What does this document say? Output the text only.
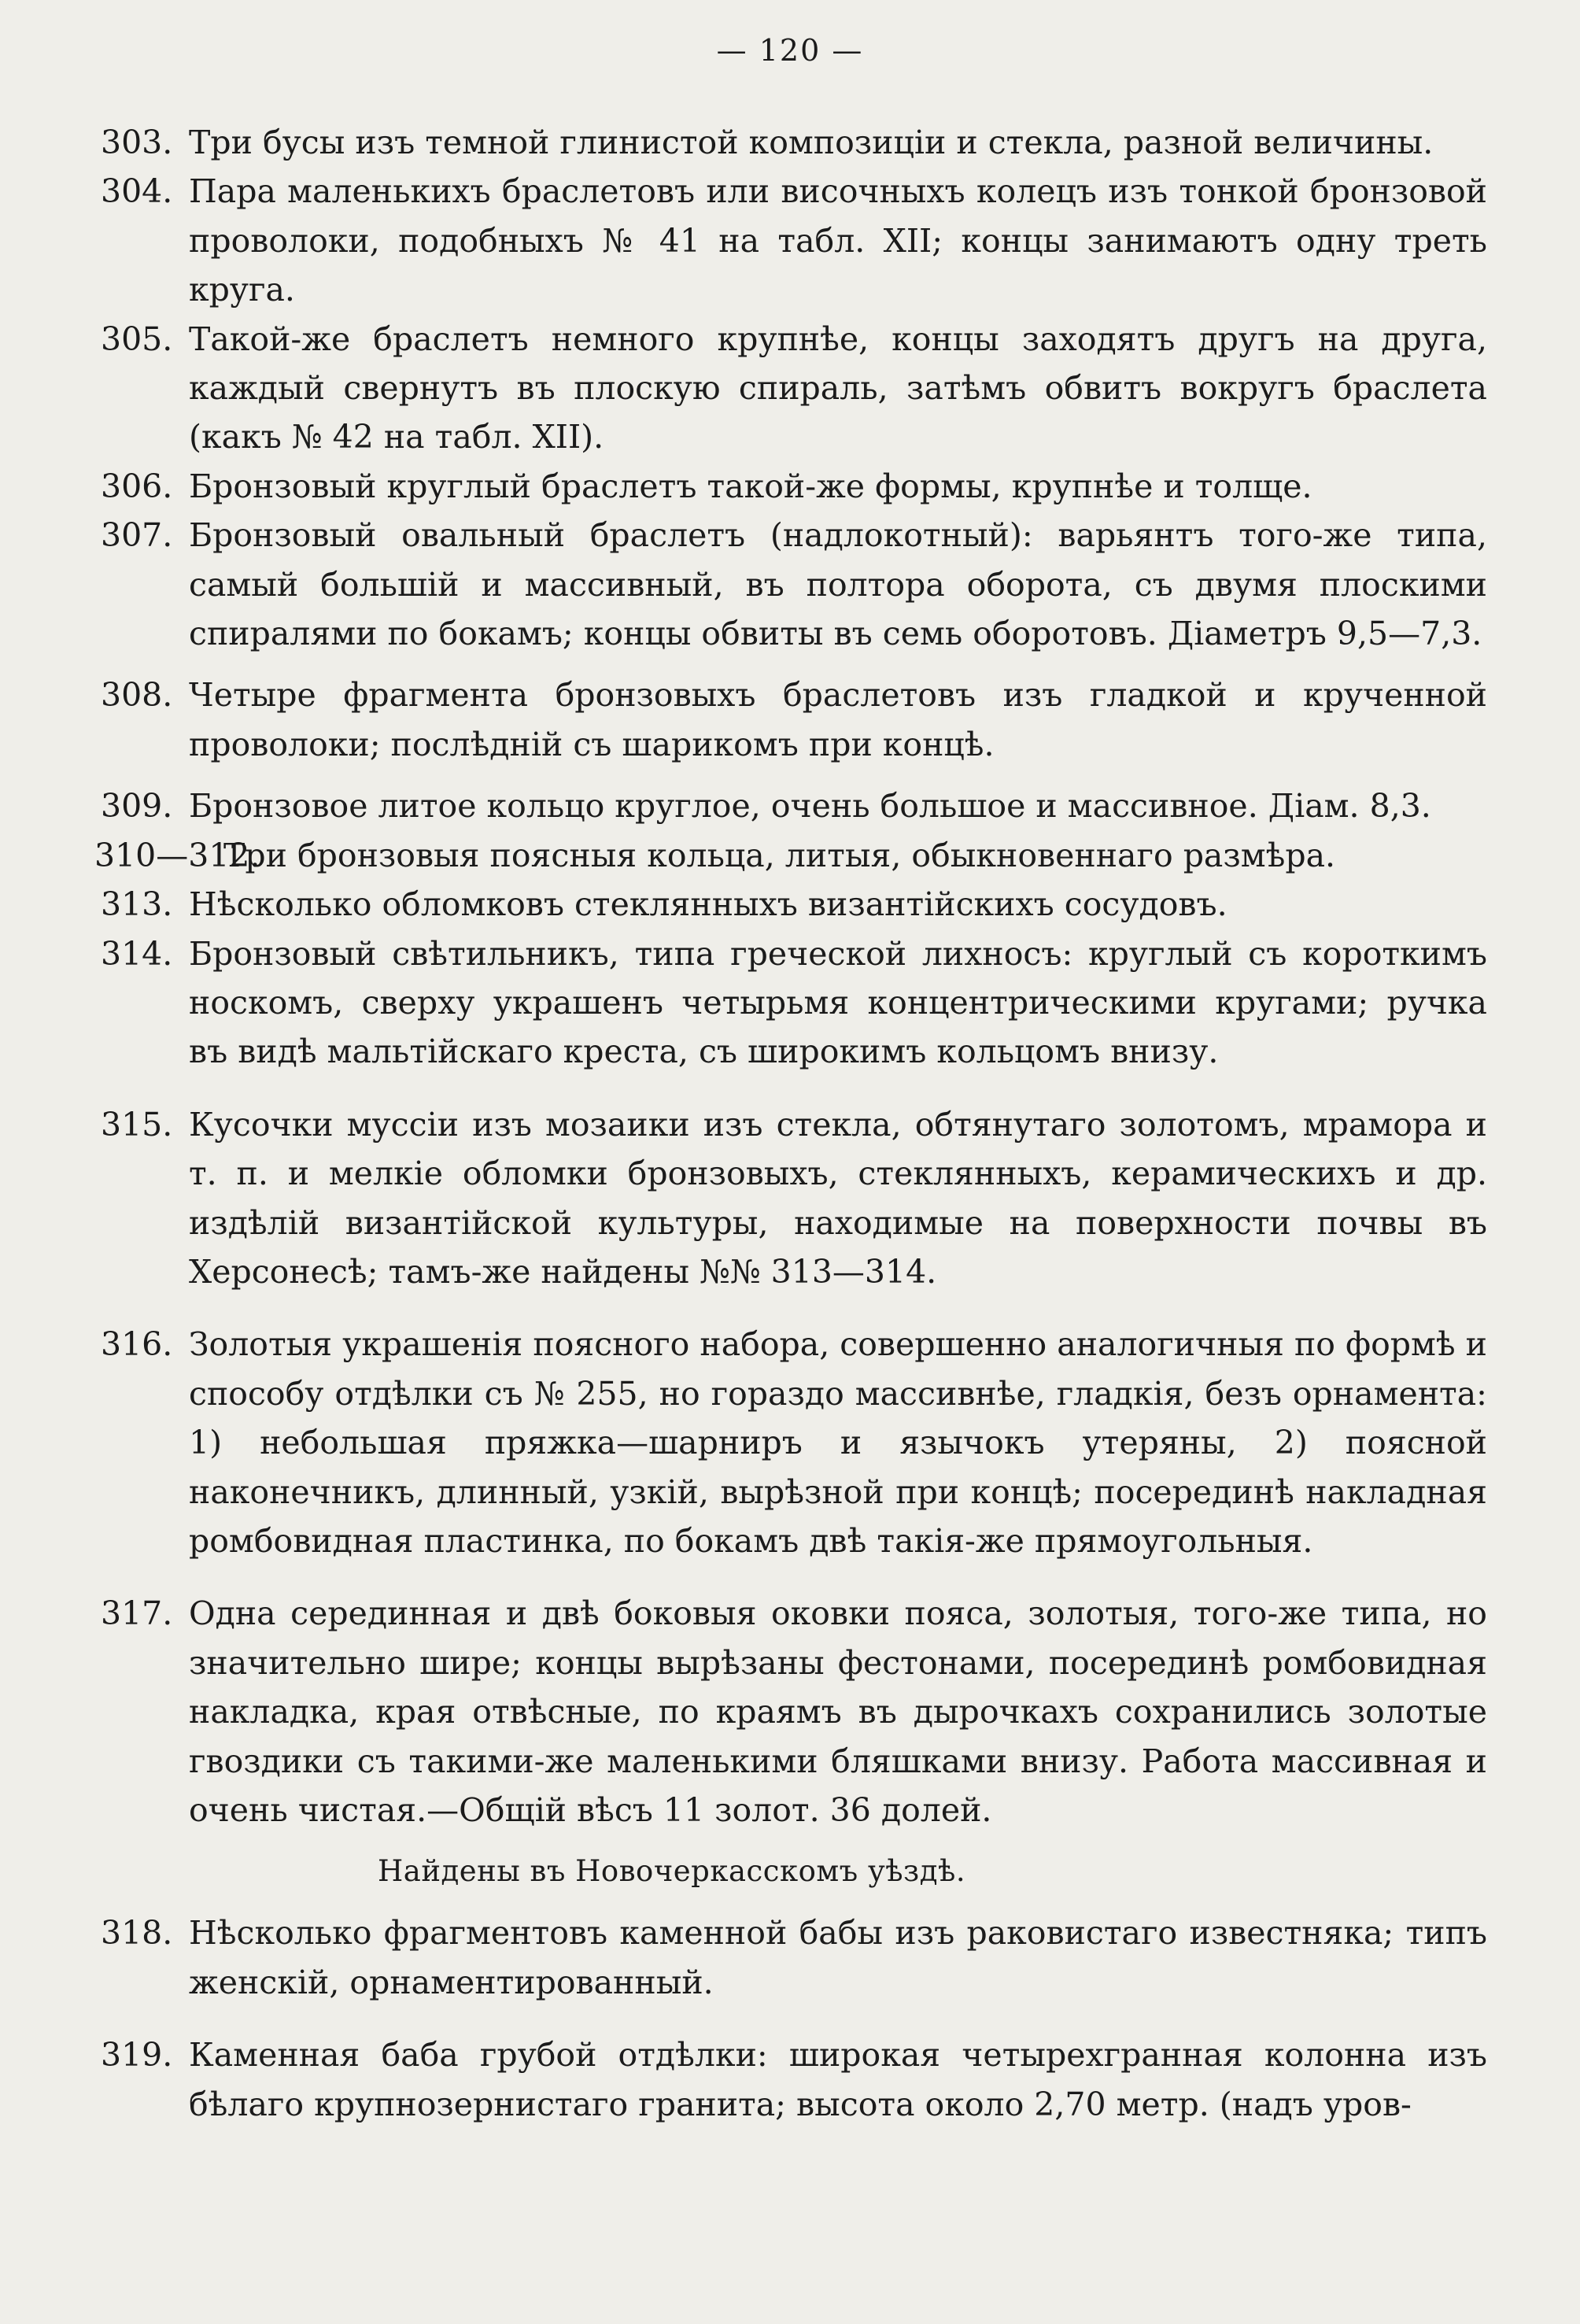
— 120 —
303. Три бусы изъ темной глинистой композиціи и стекла, разной величины.
304. Пара маленькихъ браслетовъ или височныхъ колецъ изъ тонкой бронзовой проволоки, подобныхъ № 41 на табл. XII; концы занимаютъ одну треть круга.
305. Такой-же браслетъ немного крупнѣе, концы заходятъ другъ на друга, каждый свернутъ въ плоскую спираль, затѣмъ обвитъ вокругъ браслета (какъ № 42 на табл. XII).
306. Бронзовый круглый браслетъ такой-же формы, крупнѣе и толще.
307. Бронзовый овальный браслетъ (надлокотный): варьянтъ того-же типа, самый большій и массивный, въ полтора оборота, съ двумя плоскими спиралями по бокамъ; концы обвиты въ семь оборотовъ. Діаметръ 9,5—7,3.
308. Четыре фрагмента бронзовыхъ браслетовъ изъ гладкой и крученной проволоки; послѣдній съ шарикомъ при концѣ.
309. Бронзовое литое кольцо круглое, очень большое и массивное. Діам. 8,3.
310—312.
Три бронзовыя поясныя кольца, литыя, обыкновеннаго размѣра.
313. Нѣсколько обломковъ стеклянныхъ византійскихъ сосудовъ.
314. Бронзовый свѣтильникъ, типа греческой лихносъ: круглый съ короткимъ носкомъ, сверху украшенъ четырьмя концентрическими кругами; ручка въ видѣ мальтійскаго креста, съ широкимъ кольцомъ внизу.
315. Кусочки муссіи изъ мозаики изъ стекла, обтянутаго золотомъ, мрамора и т. п. и мелкіе обломки бронзовыхъ, стеклянныхъ, керамическихъ и др. издѣлій византійской культуры, находимые на поверхности почвы въ Херсонесѣ; тамъ-же найдены №№ 313—314.
316. Золотыя украшенія поясного набора, совершенно аналогичныя по формѣ и способу отдѣлки съ № 255, но гораздо массивнѣе, гладкія, безъ орнамента: 1) небольшая пряжка—шарниръ и язычокъ утеряны, 2) поясной наконечникъ, длинный, узкій, вырѣзной при концѣ; посерединѣ накладная ромбовидная пластинка, по бокамъ двѣ такія-же прямоугольныя.
317. Одна серединная и двѣ боковыя оковки пояса, золотыя, того-же типа, но значительно шире; концы вырѣзаны фестонами, посерединѣ ромбовидная накладка, края отвѣсные, по краямъ въ дырочкахъ сохранились золотые гвоздики съ такими-же маленькими бляшками внизу. Работа массивная и очень чистая.—Общій вѣсъ 11 золот. 36 долей.
Найдены въ Новочеркасскомъ уѣздѣ.
318. Нѣсколько фрагментовъ каменной бабы изъ раковистаго известняка; типъ женскій, орнаментированный.
319. Каменная баба грубой отдѣлки: широкая четырехгранная колонна изъ бѣлаго крупнозернистаго гранита; высота около 2,70 метр. (надъ уров-
